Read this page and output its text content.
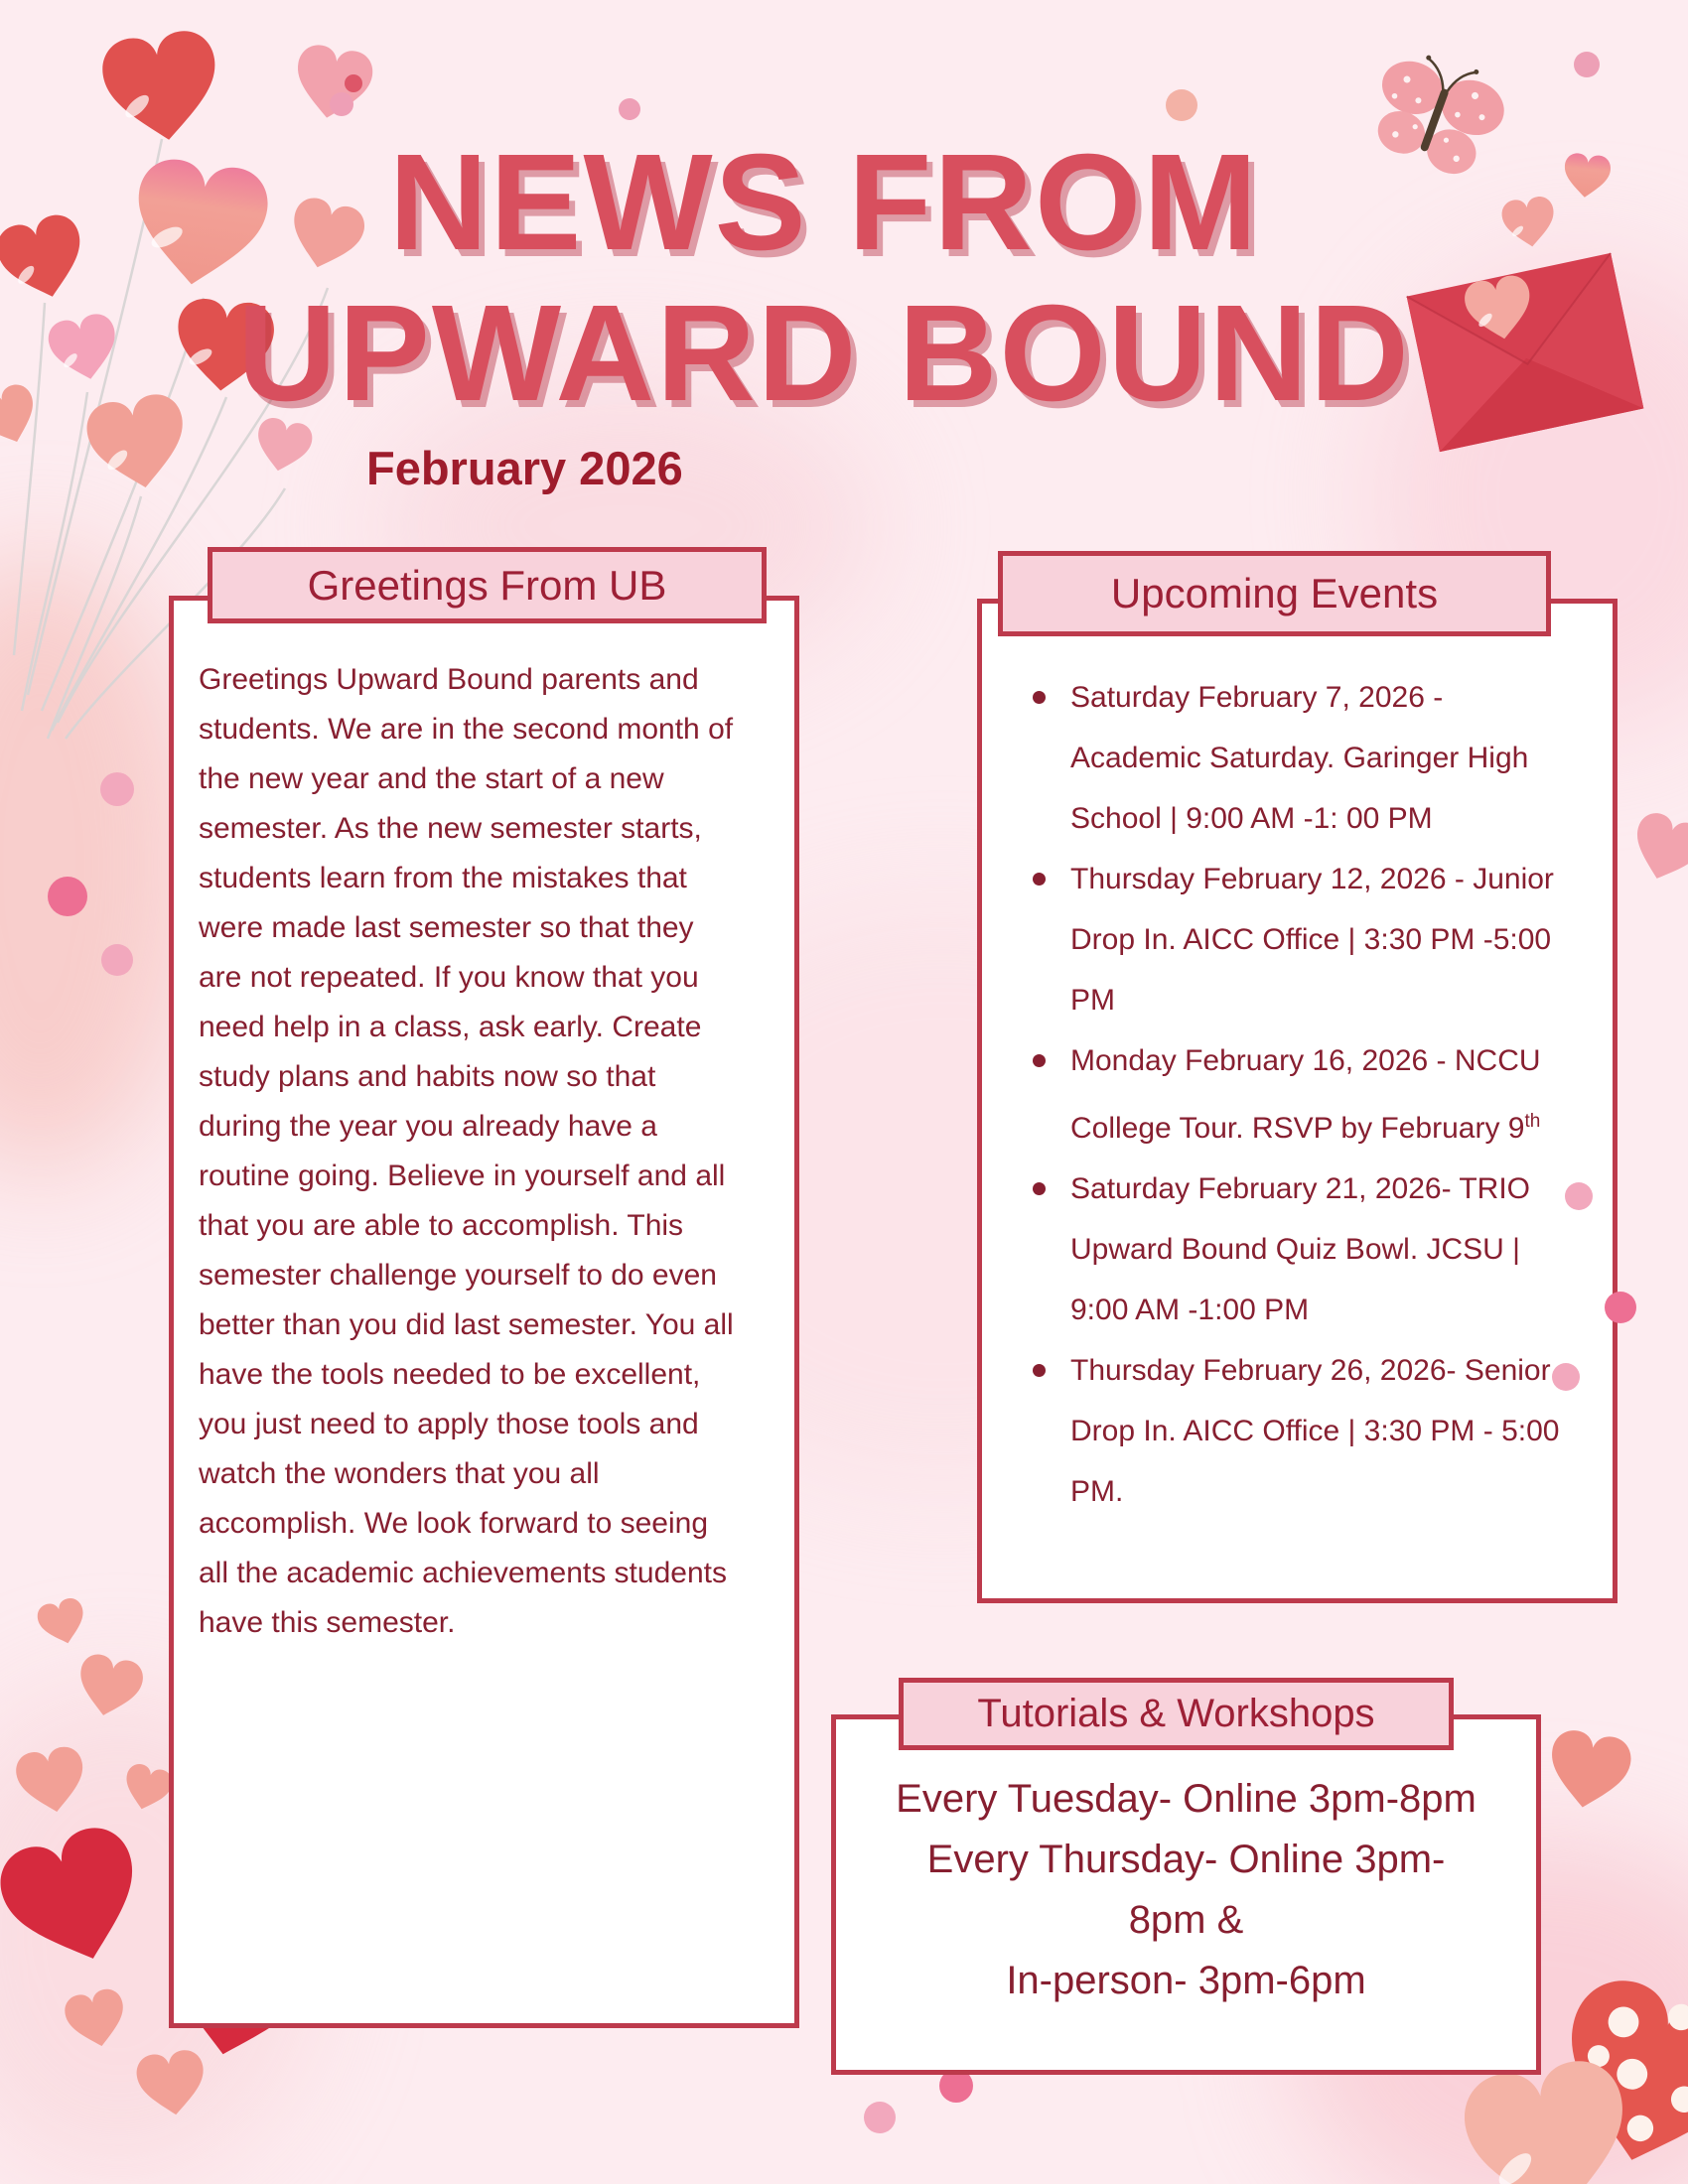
NEWS FROM
UPWARD BOUND
February 2026
Greetings From UB
Greetings Upward Bound parents and students. We are in the second month of the new year and the start of a new semester. As the new semester starts, students learn from the mistakes that were made last semester so that they are not repeated. If you know that you need help in a class, ask early. Create study plans and habits now so that during the year you already have a routine going. Believe in yourself and all that you are able to accomplish. This semester challenge yourself to do even better than you did last semester. You all have the tools needed to be excellent, you just need to apply those tools and watch the wonders that you all accomplish. We look forward to seeing all the academic achievements students have this semester.
Upcoming Events
Saturday February 7, 2026 - Academic Saturday. Garinger High School | 9:00 AM -1: 00 PM
Thursday February 12, 2026 - Junior Drop In. AICC Office | 3:30 PM -5:00 PM
Monday February 16, 2026 - NCCU College Tour. RSVP by February 9th
Saturday February 21, 2026- TRIO Upward Bound Quiz Bowl. JCSU | 9:00 AM -1:00 PM
Thursday February 26, 2026- Senior Drop In. AICC Office | 3:30 PM - 5:00 PM.
Tutorials & Workshops
Every Tuesday- Online 3pm-8pm
Every Thursday- Online 3pm-
8pm &
In-person- 3pm-6pm
